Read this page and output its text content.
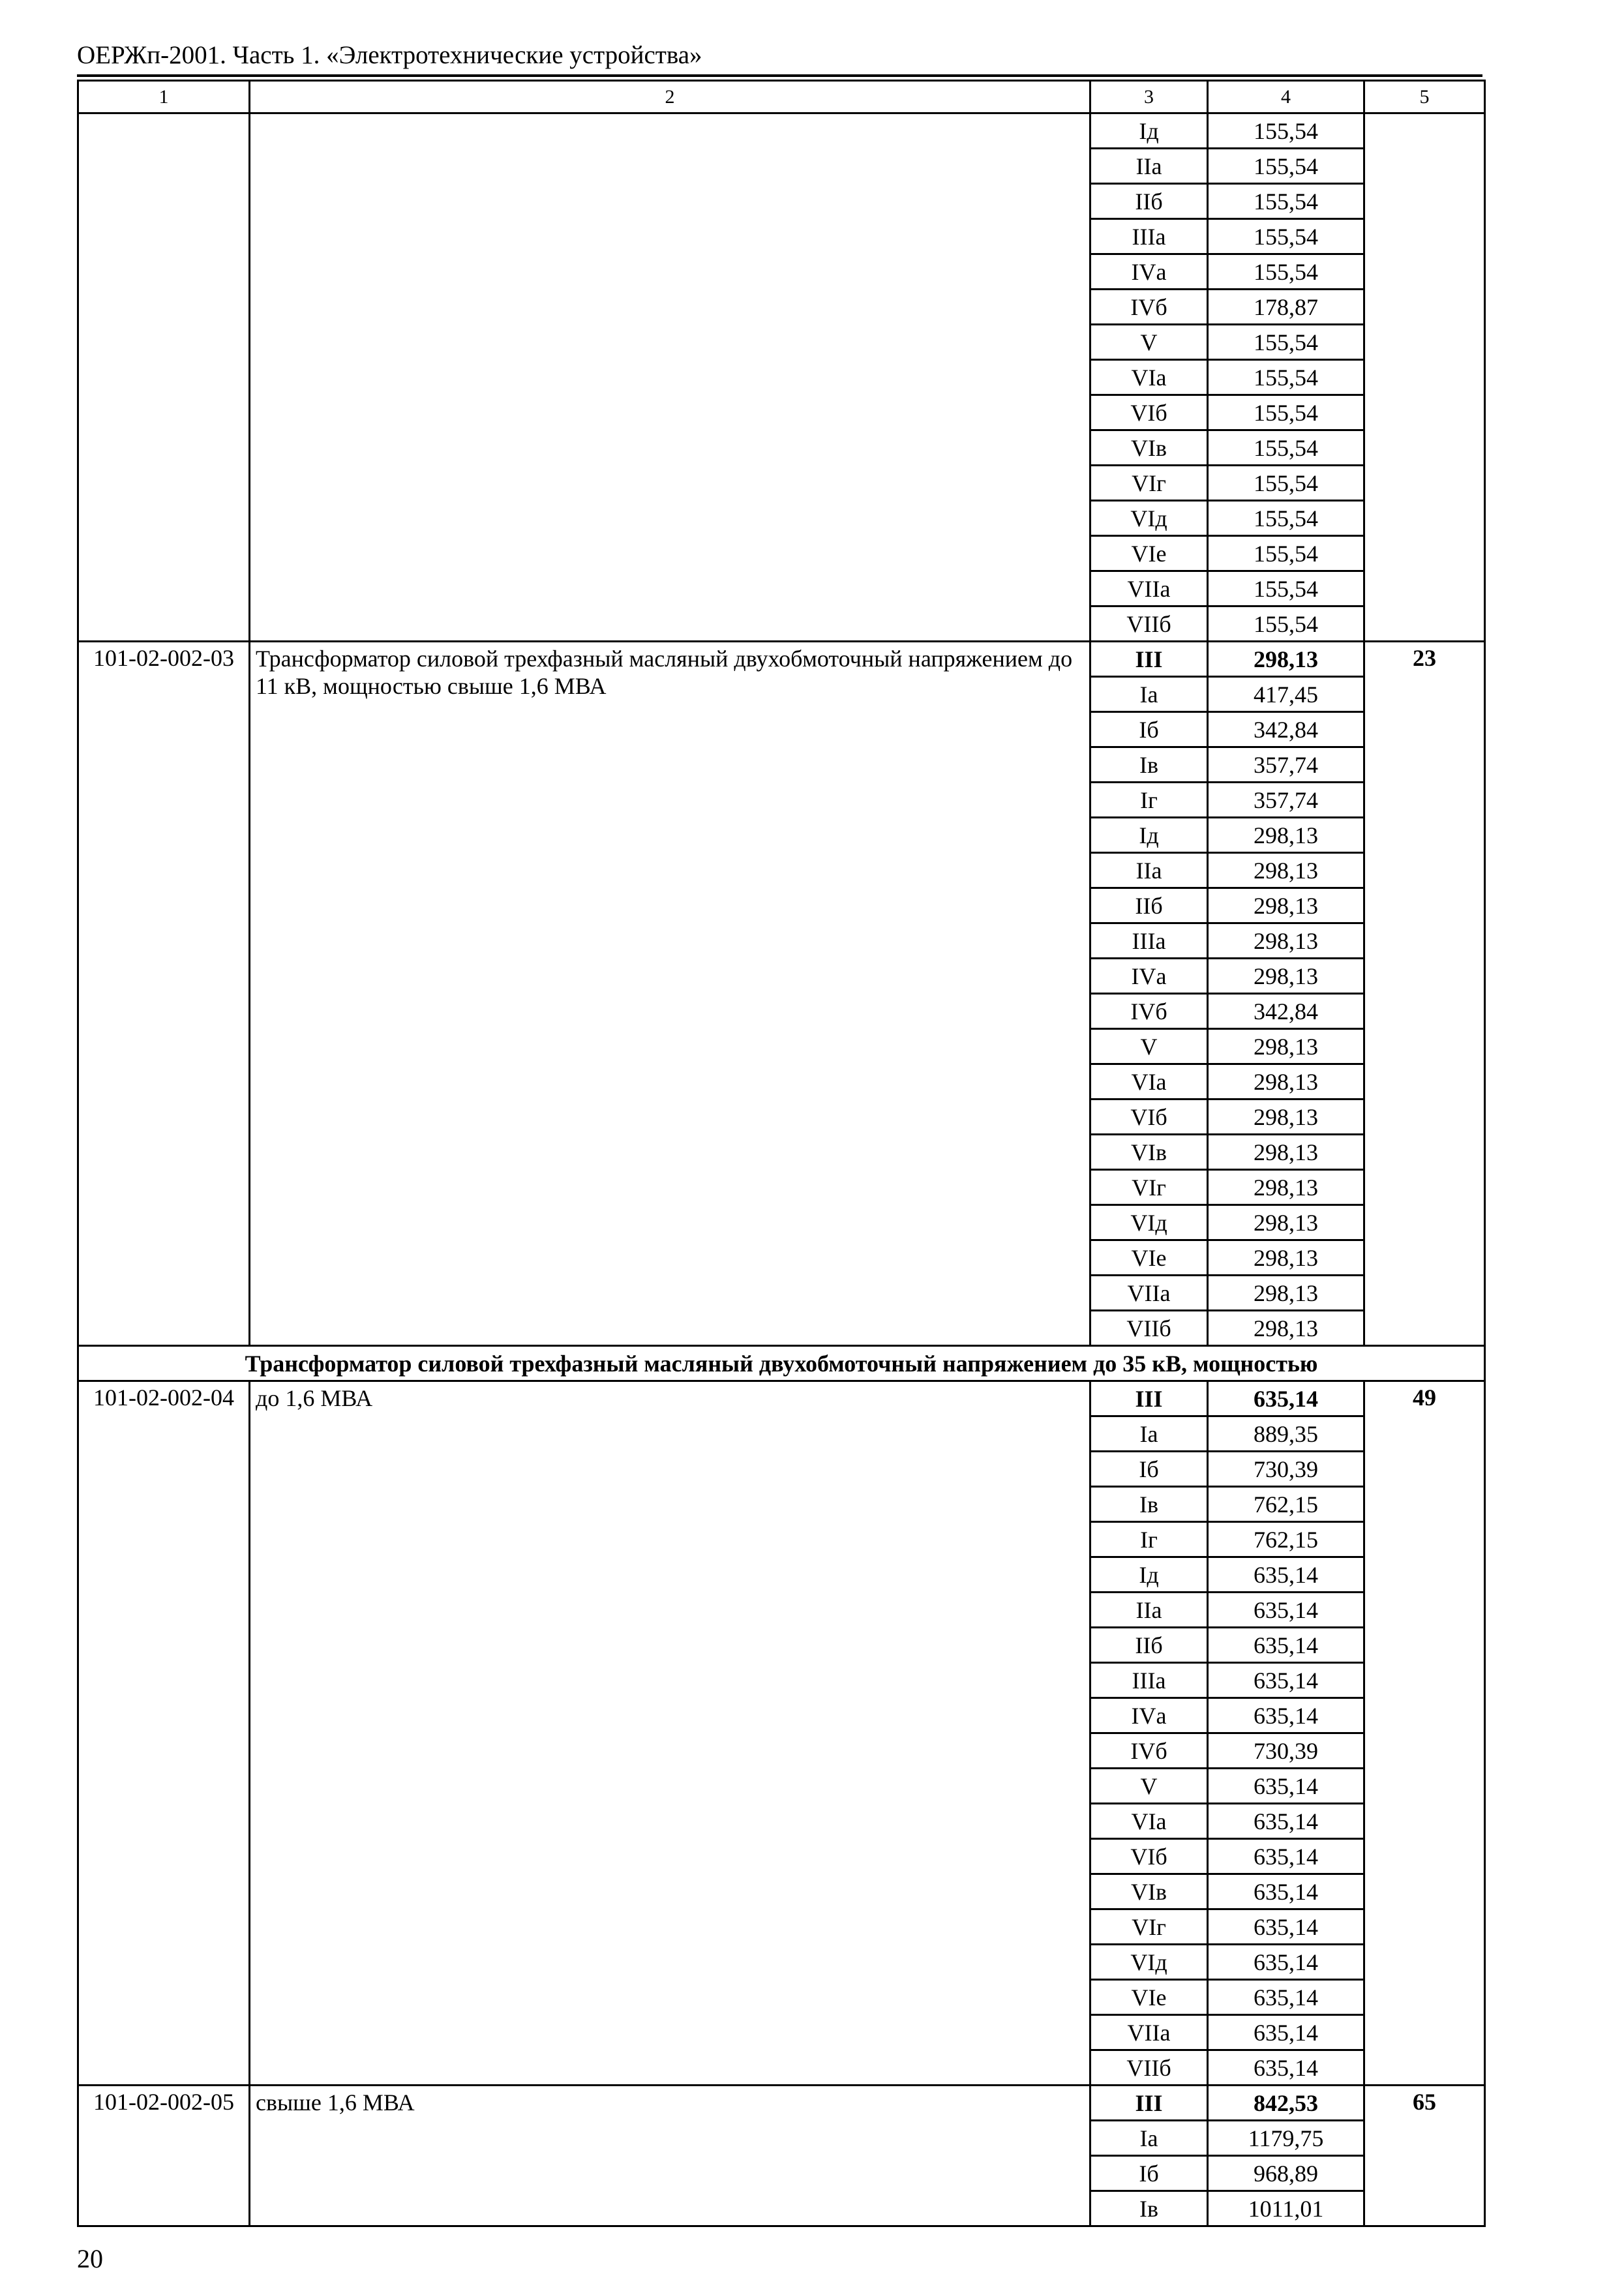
ОЕРЖп-2001. Часть 1. «Электротехнические устройства»
1	2	3	4	5
		Iд	155,54	
		IIа	155,54	
		IIб	155,54	
		IIIа	155,54	
		IVа	155,54	
		IVб	178,87	
		V	155,54	
		VIа	155,54	
		VIб	155,54	
		VIв	155,54	
		VIг	155,54	
		VIд	155,54	
		VIе	155,54	
		VIIа	155,54	
		VIIб	155,54	
101-02-002-03	Трансформатор силовой трехфазный масляный двухобмоточный напряжением до 11 кВ, мощностью свыше 1,6 МВА	III	298,13	23
		Iа	417,45	
		Iб	342,84	
		Iв	357,74	
		Iг	357,74	
		Iд	298,13	
		IIа	298,13	
		IIб	298,13	
		IIIа	298,13	
		IVа	298,13	
		IVб	342,84	
		V	298,13	
		VIа	298,13	
		VIб	298,13	
		VIв	298,13	
		VIг	298,13	
		VIд	298,13	
		VIе	298,13	
		VIIа	298,13	
		VIIб	298,13	
Трансформатор силовой трехфазный масляный двухобмоточный напряжением до 35 кВ, мощностью				
101-02-002-04	до 1,6 МВА	III	635,14	49
		Iа	889,35	
		Iб	730,39	
		Iв	762,15	
		Iг	762,15	
		Iд	635,14	
		IIа	635,14	
		IIб	635,14	
		IIIа	635,14	
		IVа	635,14	
		IVб	730,39	
		V	635,14	
		VIа	635,14	
		VIб	635,14	
		VIв	635,14	
		VIг	635,14	
		VIд	635,14	
		VIе	635,14	
		VIIа	635,14	
		VIIб	635,14	
101-02-002-05	свыше 1,6 МВА	III	842,53	65
		Iа	1179,75	
		Iб	968,89	
		Iв	1011,01	
20
